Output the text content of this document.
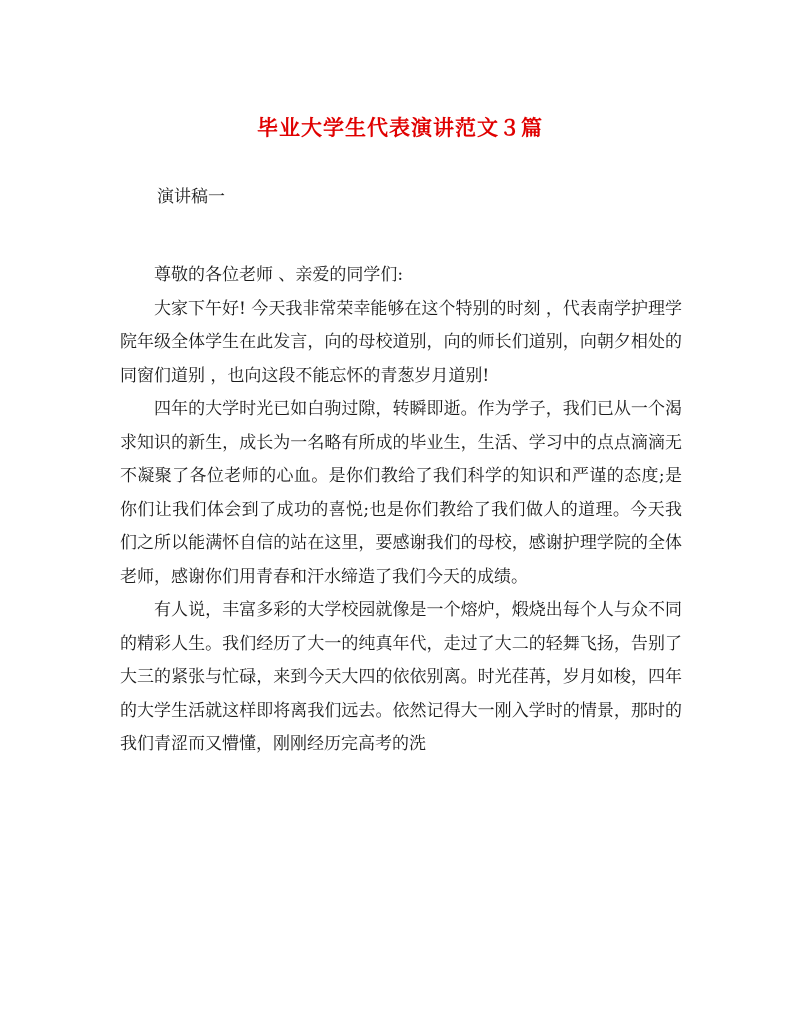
毕业大学生代表演讲范文３篇
演讲稿一

尊敬的各位老师 、亲爱的同学们:

大家下午好! 今天我非常荣幸能够在这个特别的时刻 ，代表南学护理学院年级全体学生在此发言，向的母校道别，向的师长们道别，向朝夕相处的同窗们道别 ，也向这段不能忘怀的青葱岁月道别!

四年的大学时光已如白驹过隙，转瞬即逝。作为学子，我们已从一个渴求知识的新生，成长为一名略有所成的毕业生，生活、学习中的点点滴滴无不凝聚了各位老师的心血。是你们教给了我们科学的知识和严谨的态度;是你们让我们体会到了成功的喜悦;也是你们教给了我们做人的道理。今天我们之所以能满怀自信的站在这里，要感谢我们的母校，感谢护理学院的全体老师，感谢你们用青春和汗水缔造了我们今天的成绩。

有人说，丰富多彩的大学校园就像是一个熔炉，煅烧出每个人与众不同的精彩人生。我们经历了大一的纯真年代，走过了大二的轻舞飞扬，告别了大三的紧张与忙碌，来到今天大四的依依别离。时光荏苒，岁月如梭，四年的大学生活就这样即将离我们远去。依然记得大一刚入学时的情景，那时的我们青涩而又懵懂，刚刚经历完高考的洗
